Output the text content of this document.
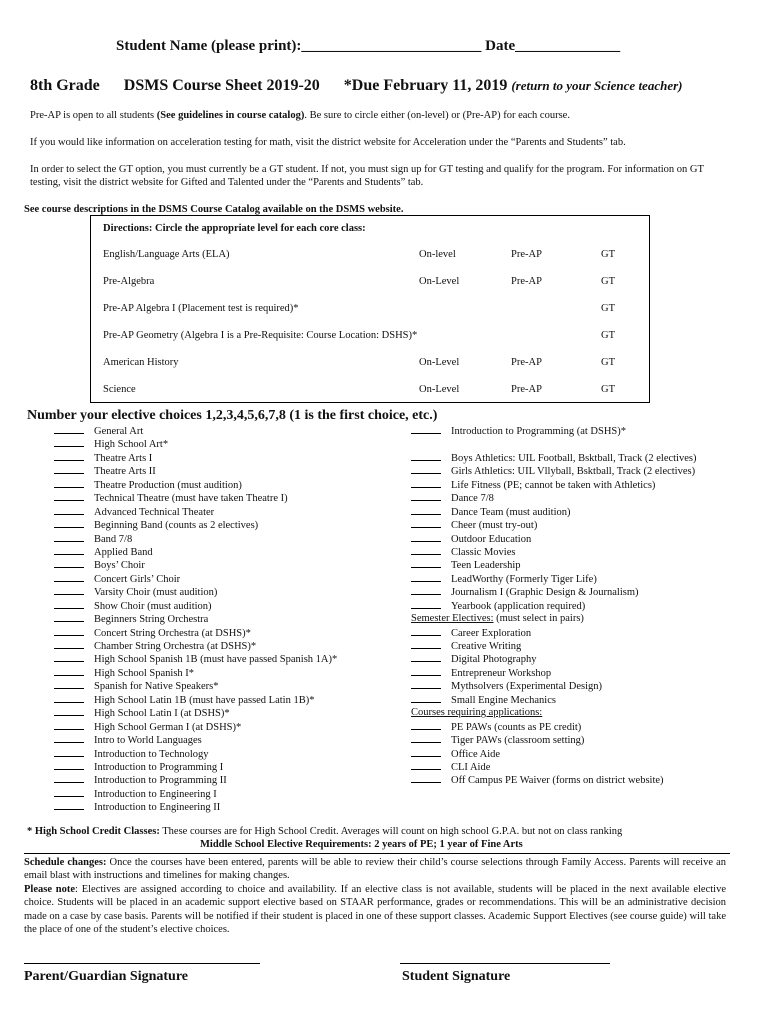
Student Name (please print):________________________ Date______________
8th Grade DSMS Course Sheet 2019-20 *Due February 11, 2019 (return to your Science teacher)
Pre-AP is open to all students (See guidelines in course catalog). Be sure to circle either (on-level) or (Pre-AP) for each course.
If you would like information on acceleration testing for math, visit the district website for Acceleration under the “Parents and Students” tab.
In order to select the GT option, you must currently be a GT student. If not, you must sign up for GT testing and qualify for the program. For information on GT testing, visit the district website for Gifted and Talented under the “Parents and Students” tab.
See course descriptions in the DSMS Course Catalog available on the DSMS website.
Directions: Circle the appropriate level for each core class:
English/Language Arts (ELA)	On-level	Pre-AP	GT
Pre-Algebra	On-Level	Pre-AP	GT
Pre-AP Algebra I (Placement test is required)*	GT
Pre-AP Geometry (Algebra I is a Pre-Requisite: Course Location: DSHS)*	GT
American History	On-Level	Pre-AP	GT
Science	On-Level	Pre-AP	GT
Number your elective choices 1,2,3,4,5,6,7,8 (1 is the first choice, etc.)
General Art
High School Art*
Theatre Arts I
Theatre Arts II
Theatre Production (must audition)
Technical Theatre (must have taken Theatre I)
Advanced Technical Theater
Beginning Band (counts as 2 electives)
Band 7/8
Applied Band
Boys’ Choir
Concert Girls’ Choir
Varsity Choir (must audition)
Show Choir (must audition)
Beginners String Orchestra
Concert String Orchestra (at DSHS)*
Chamber String Orchestra (at DSHS)*
High School Spanish 1B (must have passed Spanish 1A)*
High School Spanish I*
Spanish for Native Speakers*
High School Latin 1B (must have passed Latin 1B)*
High School Latin I (at DSHS)*
High School German I (at DSHS)*
Intro to World Languages
Introduction to Technology
Introduction to Programming I
Introduction to Programming II
Introduction to Engineering I
Introduction to Engineering II
Introduction to Programming (at DSHS)*
Boys Athletics: UIL Football, Bsktball, Track (2 electives)
Girls Athletics: UIL Vllyball, Bsktball, Track (2 electives)
Life Fitness (PE; cannot be taken with Athletics)
Dance 7/8
Dance Team (must audition)
Cheer (must try-out)
Outdoor Education
Classic Movies
Teen Leadership
LeadWorthy (Formerly Tiger Life)
Journalism I (Graphic Design & Journalism)
Yearbook (application required)
Semester Electives: (must select in pairs)
Career Exploration
Creative Writing
Digital Photography
Entrepreneur Workshop
Mythsolvers (Experimental Design)
Small Engine Mechanics
Courses requiring applications:
PE PAWs (counts as PE credit)
Tiger PAWs (classroom setting)
Office Aide
CLI Aide
Off Campus PE Waiver (forms on district website)
* High School Credit Classes: These courses are for High School Credit. Averages will count on high school G.P.A. but not on class ranking
Middle School Elective Requirements: 2 years of PE; 1 year of Fine Arts
Schedule changes: Once the courses have been entered, parents will be able to review their child’s course selections through Family Access. Parents will receive an email blast with instructions and timelines for making changes.
Please note: Electives are assigned according to choice and availability. If an elective class is not available, students will be placed in the next available elective choice. Students will be placed in an academic support elective based on STAAR performance, grades or recommendations. This will be an administrative decision made on a case by case basis. Parents will be notified if their student is placed in one of these support classes. Academic Support Electives (see course guide) will take the place of one of the student’s elective choices.
Parent/Guardian Signature	Student Signature
